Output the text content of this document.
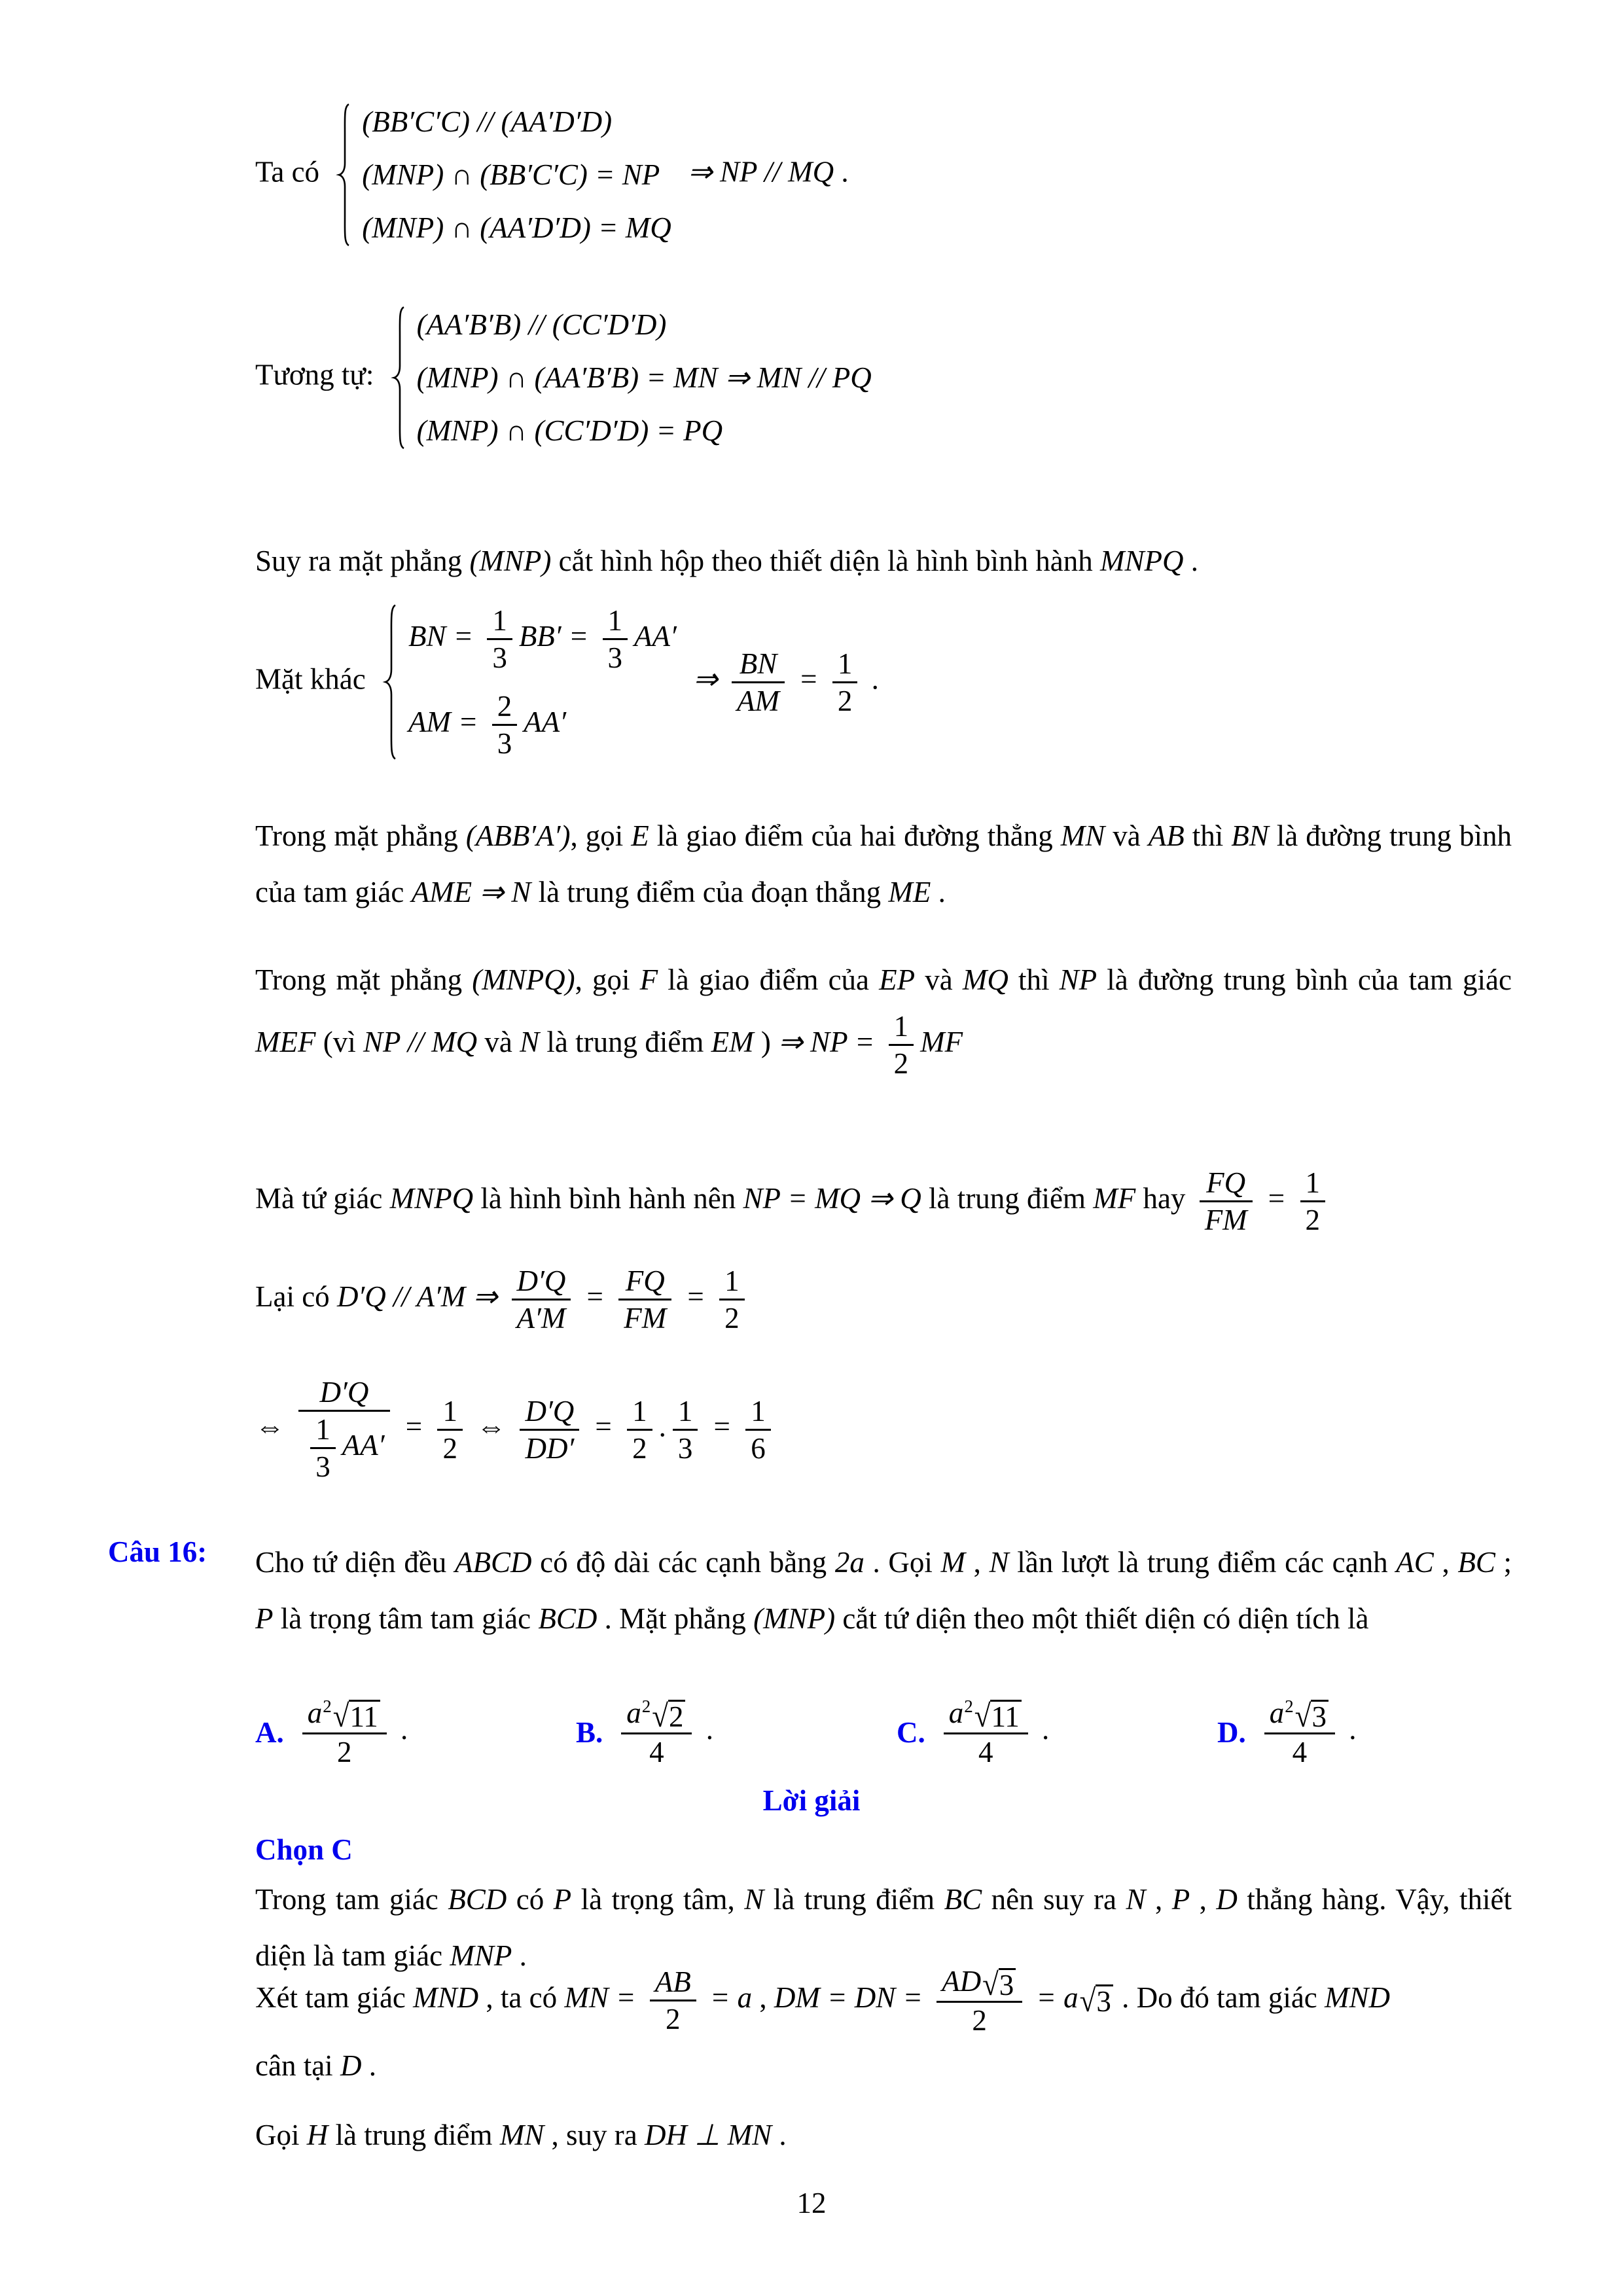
Ta có
(BB′C′C) // (AA′D′D)
(MNP) ∩ (BB′C′C) = NP
(MNP) ∩ (AA′D′D) = MQ
⇒ NP // MQ .
Tương tự:
(AA′B′B) // (CC′D′D)
(MNP) ∩ (AA′B′B) = MN ⇒ MN // PQ
(MNP) ∩ (CC′D′D) = PQ
Suy ra mặt phẳng (MNP) cắt hình hộp theo thiết diện là hình bình hành MNPQ .
Mặt khác
BN = $\frac{1}{3} BB' = \frac{1}{3} AA'$
AM = $\frac{2}{3} AA'$
⇒ $\frac{BN}{AM} = \frac{1}{2}$ .
Trong mặt phẳng (ABB′A′), gọi E là giao điểm của hai đường thẳng MN và AB thì BN là đường trung bình của tam giác AME ⇒ N là trung điểm của đoạn thẳng ME .
Trong mặt phẳng (MNPQ), gọi F là giao điểm của EP và MQ thì NP là đường trung bình của tam giác MEF (vì NP // MQ và N là trung điểm EM ) ⇒ NP = $\frac{1}{2}$ MF
Mà tứ giác MNPQ là hình bình hành nên NP = MQ ⇒ Q là trung điểm MF hay $\frac{FQ}{FM} = \frac{1}{2}$
Lại có D′Q // A′M ⇒ $\frac{D'Q}{A'M} = \frac{FQ}{FM} = \frac{1}{2}$
⇔ $\frac{D'Q}{\frac{1}{3} AA'} = \frac{1}{2}$ ⇔ $\frac{D'Q}{DD'} = \frac{1}{2}$ . $\frac{1}{3} = \frac{1}{6}$
Câu 16: Cho tứ diện đều ABCD có độ dài các cạnh bằng 2a . Gọi M , N lần lượt là trung điểm các cạnh AC , BC ; P là trọng tâm tam giác BCD . Mặt phẳng (MNP) cắt tứ diện theo một thiết diện có diện tích là
A. $\frac{a^2 √ 11}{2}$ .	B. $\frac{a^2 √ 2}{4}$ .	C. $\frac{a^2 √ 11}{4}$ .	D. $\frac{a^2 √ 3}{4}$ .
Lời giải
Chọn C
Trong tam giác BCD có P là trọng tâm, N là trung điểm BC nên suy ra N , P , D thẳng hàng. Vậy, thiết diện là tam giác MNP .
Xét tam giác MND , ta có MN = $\frac{AB}{2} = a$ , DM = DN = $\frac{AD √ 3}{2} = a$ √ 3 . Do đó tam giác MND
cân tại D .
Gọi H là trung điểm MN , suy ra DH ⊥ MN .
12
